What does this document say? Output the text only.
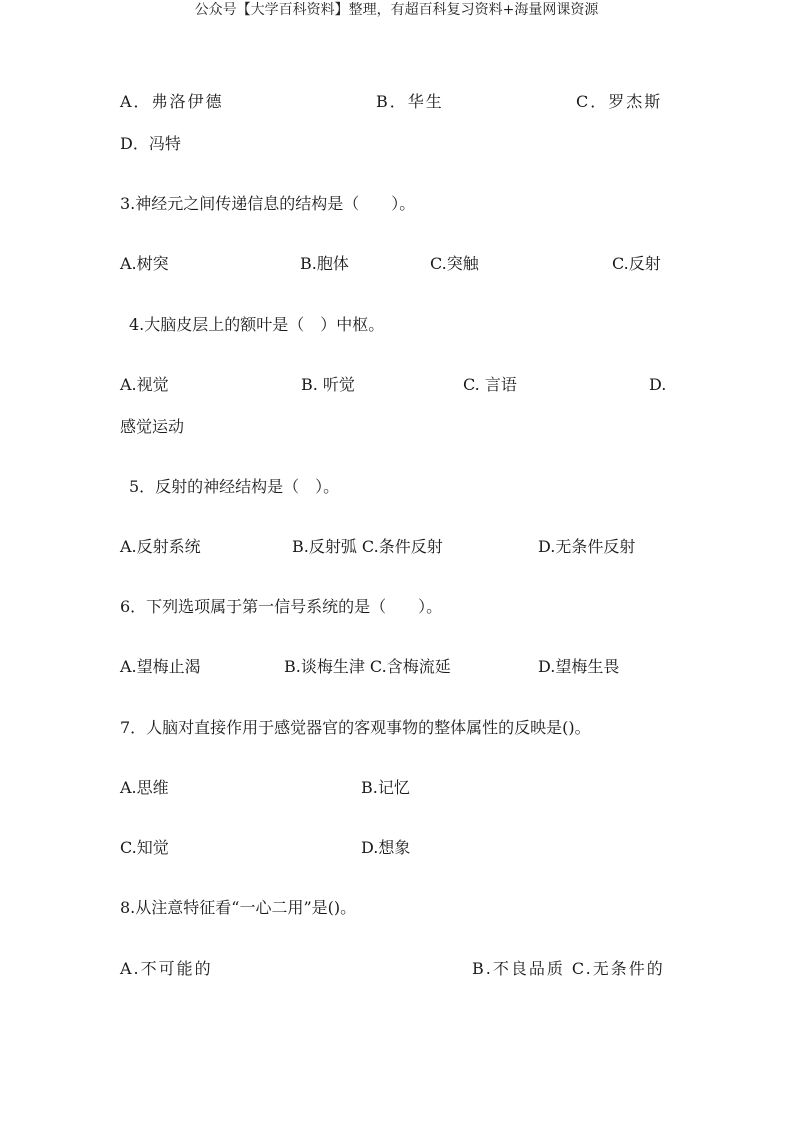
公众号【大学百科资料】整理，有超百科复习资料+海量网课资源
A．弗洛伊德	B．华生	C．罗杰斯
D．冯特
3.神经元之间传递信息的结构是（　　）。
A.树突	B.胞体	C.突触	C.反射
4.大脑皮层上的额叶是（　）中枢。
A.视觉	B. 听觉	C. 言语	D.
感觉运动
5．反射的神经结构是（　）。
A.反射系统	B.反射弧 C.条件反射	D.无条件反射
6．下列选项属于第一信号系统的是（　　）。
A.望梅止渴	B.谈梅生津 C.含梅流延	D.望梅生畏
7．人脑对直接作用于感觉器官的客观事物的整体属性的反映是()。
A.思维	B.记忆
C.知觉	D.想象
8.从注意特征看“一心二用”是()。
A.不可能的	B.不良品质 C.无条件的
